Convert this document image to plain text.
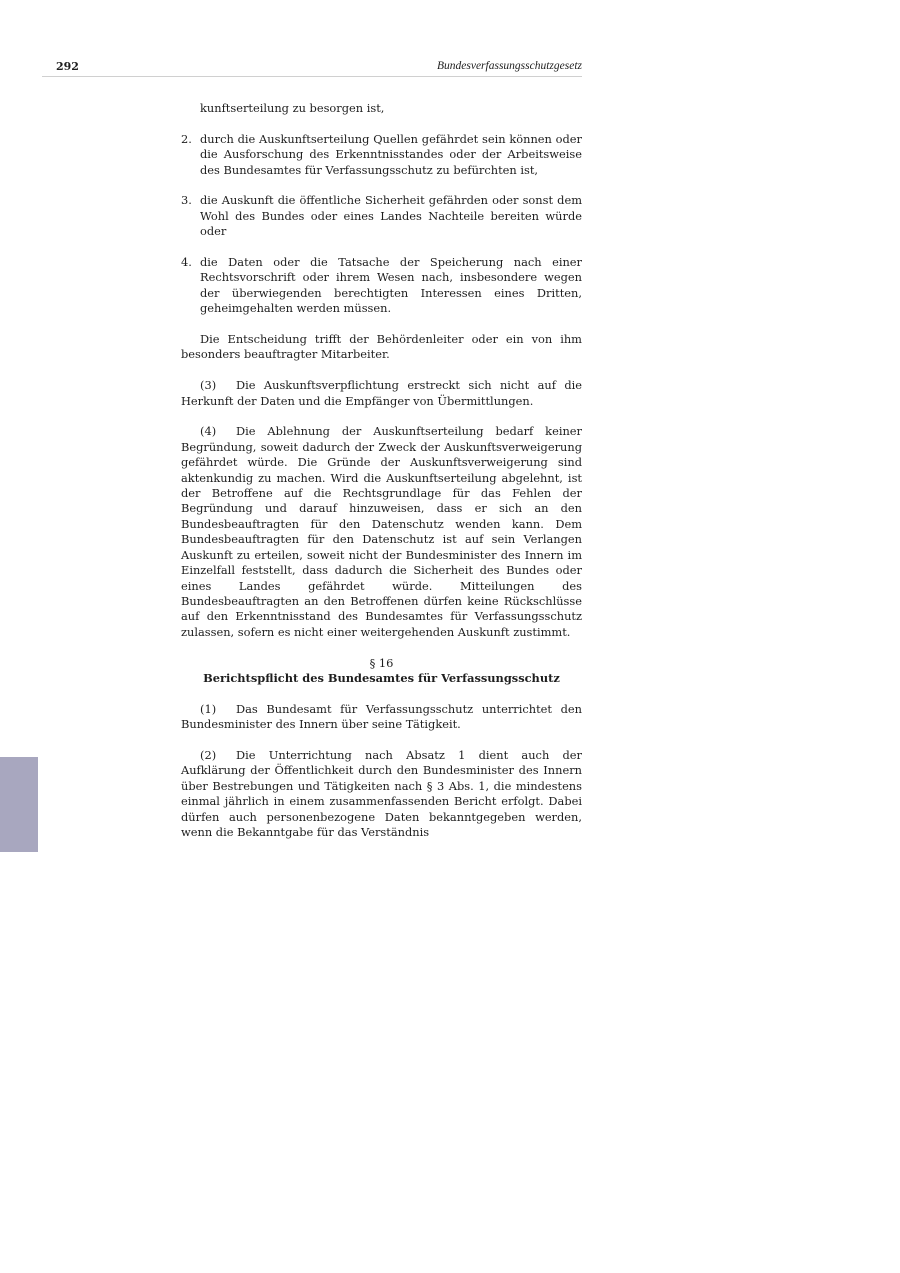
292	Bundesverfassungsschutzgesetz

kunftserteilung zu besorgen ist,

2. durch die Auskunftserteilung Quellen gefährdet sein können oder die Ausforschung des Erkenntnisstandes oder der Arbeitsweise des Bundesamtes für Verfassungsschutz zu befürchten ist,
3. die Auskunft die öffentliche Sicherheit gefährden oder sonst dem Wohl des Bundes oder eines Landes Nachteile bereiten würde oder
4. die Daten oder die Tatsache der Speicherung nach einer Rechtsvorschrift oder ihrem Wesen nach, insbesondere wegen der überwiegenden berechtigten Interessen eines Dritten, geheimgehalten werden müssen.

Die Entscheidung trifft der Behördenleiter oder ein von ihm besonders beauftragter Mitarbeiter.

(3) Die Auskunftsverpflichtung erstreckt sich nicht auf die Herkunft der Daten und die Empfänger von Übermittlungen.

(4) Die Ablehnung der Auskunftserteilung bedarf keiner Begründung, soweit dadurch der Zweck der Auskunftsverweigerung gefährdet würde. Die Gründe der Auskunftsverweigerung sind aktenkundig zu machen. Wird die Auskunftserteilung abgelehnt, ist der Betroffene auf die Rechtsgrundlage für das Fehlen der Begründung und darauf hinzuweisen, dass er sich an den Bundesbeauftragten für den Datenschutz wenden kann. Dem Bundesbeauftragten für den Datenschutz ist auf sein Verlangen Auskunft zu erteilen, soweit nicht der Bundesminister des Innern im Einzelfall feststellt, dass dadurch die Sicherheit des Bundes oder eines Landes gefährdet würde. Mitteilungen des Bundesbeauftragten an den Betroffenen dürfen keine Rückschlüsse auf den Erkenntnisstand des Bundesamtes für Verfassungsschutz zulassen, sofern es nicht einer weitergehenden Auskunft zustimmt.

§ 16

Berichtspflicht des Bundesamtes für Verfassungsschutz

(1) Das Bundesamt für Verfassungsschutz unterrichtet den Bundesminister des Innern über seine Tätigkeit.

(2) Die Unterrichtung nach Absatz 1 dient auch der Aufklärung der Öffentlichkeit durch den Bundesminister des Innern über Bestrebungen und Tätigkeiten nach § 3 Abs. 1, die mindestens einmal jährlich in einem zusammenfassenden Bericht erfolgt. Dabei dürfen auch personenbezogene Daten bekanntgegeben werden, wenn die Bekanntgabe für das Verständnis
